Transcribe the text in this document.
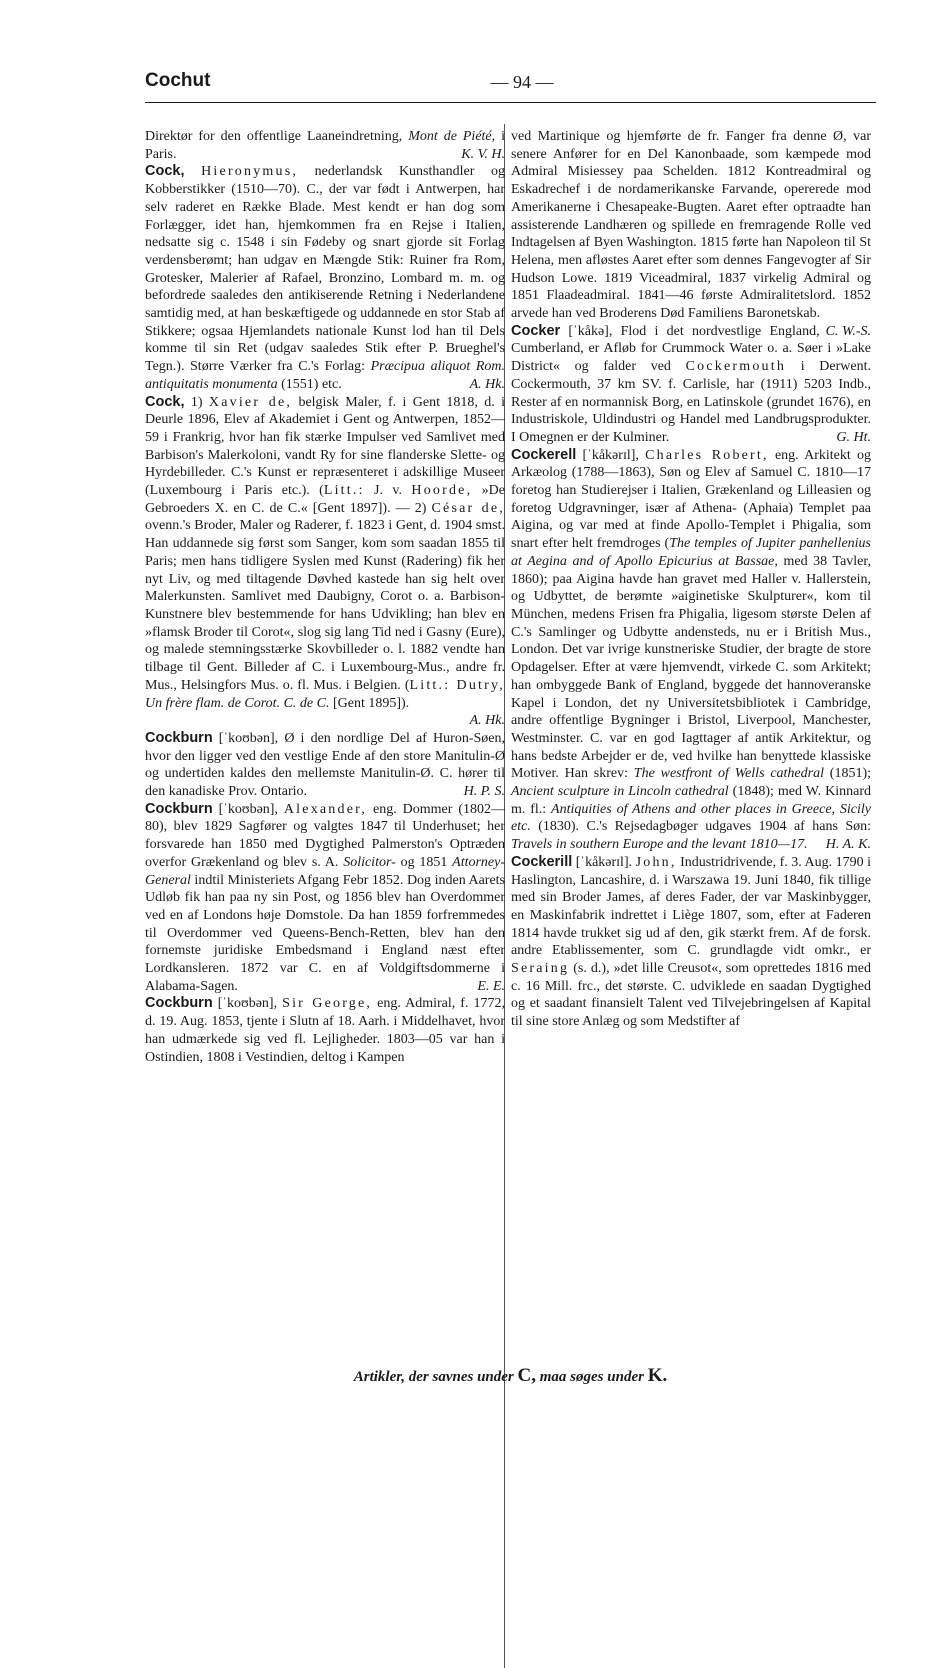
Cochut	— 94 —

Direktør for den offentlige Laaneindretning, Mont de Piété, i Paris.	K. V. H.

Cock, Hieronymus, nederlandsk Kunsthandler og Kobberstikker (1510—70). C., der var født i Antwerpen, har selv raderet en Række Blade. Mest kendt er han dog som Forlægger, idet han, hjemkommen fra en Rejse i Italien, nedsatte sig c. 1548 i sin Fødeby og snart gjorde sit Forlag verdensberømt; han udgav en Mængde Stik: Ruiner fra Rom, Grotesker, Malerier af Rafael, Bronzino, Lombard m. m. og befordrede saaledes den antikiserende Retning i Nederlandene samtidig med, at han beskæftigede og uddannede en stor Stab af Stikkere; ogsaa Hjemlandets nationale Kunst lod han til Dels komme til sin Ret (udgav saaledes Stik efter P. Brueghel's Tegn.). Større Værker fra C.'s Forlag: Præcipua aliquot Rom. antiquitatis monumenta (1551) etc.	A. Hk.

Cock, 1) Xavier de, belgisk Maler, f. i Gent 1818, d. i Deurle 1896, Elev af Akademiet i Gent og Antwerpen, 1852—59 i Frankrig, hvor han fik stærke Impulser ved Samlivet med Barbison's Malerkoloni, vandt Ry for sine flanderske Slette- og Hyrdebilleder. C.'s Kunst er repræsenteret i adskillige Museer (Luxembourg i Paris etc.). (Litt.: J. v. Hoorde, »De Gebroeders X. en C. de C.« [Gent 1897]). — 2) César de, ovenn.'s Broder, Maler og Raderer, f. 1823 i Gent, d. 1904 smst. Han uddannede sig først som Sanger, kom som saadan 1855 til Paris; men hans tidligere Syslen med Kunst (Radering) fik her nyt Liv, og med tiltagende Døvhed kastede han sig helt over Malerkunsten. Samlivet med Daubigny, Corot o. a. Barbison-Kunstnere blev bestemmende for hans Udvikling; han blev en »flamsk Broder til Corot«, slog sig lang Tid ned i Gasny (Eure), og malede stemningsstærke Skovbilleder o. l. 1882 vendte han tilbage til Gent. Billeder af C. i Luxembourg-Mus., andre fr. Mus., Helsingfors Mus. o. fl. Mus. i Belgien. (Litt.: Dutry, Un frère flam. de Corot. C. de C. [Gent 1895]).

A. Hk.

Cockburn [ˈkoʊbən], Ø i den nordlige Del af Huron-Søen, hvor den ligger ved den vestlige Ende af den store Manitulin-Ø og undertiden kaldes den mellemste Manitulin-Ø. C. hører til den kanadiske Prov. Ontario.	H. P. S.

Cockburn [ˈkoʊbən], Alexander, eng. Dommer (1802—80), blev 1829 Sagfører og valgtes 1847 til Underhuset; her forsvarede han 1850 med Dygtighed Palmerston's Optræden overfor Grækenland og blev s. A. Solicitor- og 1851 Attorney-General indtil Ministeriets Afgang Febr 1852. Dog inden Aarets Udløb fik han paa ny sin Post, og 1856 blev han Overdommer ved en af Londons høje Domstole. Da han 1859 forfremmedes til Overdommer ved Queens-Bench-Retten, blev han den fornemste juridiske Embedsmand i England næst efter Lordkansleren. 1872 var C. en af Voldgiftsdommerne i Alabama-Sagen.	E. E.

Cockburn [ˈkoʊbən], Sir George, eng. Admiral, f. 1772, d. 19. Aug. 1853, tjente i Slutn af 18. Aarh. i Middelhavet, hvor han udmærkede sig ved fl. Lejligheder. 1803—05 var han i Ostindien, 1808 i Vestindien, deltog i Kampen

ved Martinique og hjemførte de fr. Fanger fra denne Ø, var senere Anfører for en Del Kanonbaade, som kæmpede mod Admiral Misiessey paa Schelden. 1812 Kontreadmiral og Eskadrechef i de nordamerikanske Farvande, opererede mod Amerikanerne i Chesapeake-Bugten. Aaret efter optraadte han assisterende Landhæren og spillede en fremragende Rolle ved Indtagelsen af Byen Washington. 1815 førte han Napoleon til St Helena, men afløstes Aaret efter som dennes Fangevogter af Sir Hudson Lowe. 1819 Viceadmiral, 1837 virkelig Admiral og 1851 Flaadeadmiral. 1841—46 første Admiralitetslord. 1852 arvede han ved Broderens Død Familiens Baronetskab.
C. W.-S.

Cocker [ˈkåkə], Flod i det nordvestlige England, Cumberland, er Afløb for Crummock Water o. a. Søer i »Lake District« og falder ved Cockermouth i Derwent. Cockermouth, 37 km SV. f. Carlisle, har (1911) 5203 Indb., Rester af en normannisk Borg, en Latinskole (grundet 1676), en Industriskole, Uldindustri og Handel med Landbrugsprodukter. I Omegnen er der Kulminer.	G. Ht.

Cockerell [ˈkåkərɪl], Charles Robert, eng. Arkitekt og Arkæolog (1788—1863), Søn og Elev af Samuel C. 1810—17 foretog han Studierejser i Italien, Grækenland og Lilleasien og foretog Udgravninger, især af Athena- (Aphaia) Templet paa Aigina, og var med at finde Apollo-Templet i Phigalia, som snart efter helt fremdroges (The temples of Jupiter panhellenius at Aegina and of Apollo Epicurius at Bassae, med 38 Tavler, 1860); paa Aigina havde han gravet med Haller v. Hallerstein, og Udbyttet, de berømte »aiginetiske Skulpturer«, kom til München, medens Frisen fra Phigalia, ligesom største Delen af C.'s Samlinger og Udbytte andensteds, nu er i British Mus., London. Det var ivrige kunstneriske Studier, der bragte de store Opdagelser. Efter at være hjemvendt, virkede C. som Arkitekt; han ombyggede Bank of England, byggede det hannoveranske Kapel i London, det ny Universitetsbibliotek i Cambridge, andre offentlige Bygninger i Bristol, Liverpool, Manchester, Westminster. C. var en god Iagttager af antik Arkitektur, og hans bedste Arbejder er de, ved hvilke han benyttede klassiske Motiver. Han skrev: The westfront of Wells cathedral (1851); Ancient sculpture in Lincoln cathedral (1848); med W. Kinnard m. fl.: Antiquities of Athens and other places in Greece, Sicily etc. (1830). C.'s Rejsedagbøger udgaves 1904 af hans Søn: Travels in southern Europe and the levant 1810—17.	H. A. K.

Cockerill [ˈkåkərɪl]. John, Industridrivende, f. 3. Aug. 1790 i Haslington, Lancashire, d. i Warszawa 19. Juni 1840, fik tillige med sin Broder James, af deres Fader, der var Maskinbygger, en Maskinfabrik indrettet i Liège 1807, som, efter at Faderen 1814 havde trukket sig ud af den, gik stærkt frem. Af de forsk. andre Etablissementer, som C. grundlagde vidt omkr., er Seraing (s. d.), »det lille Creusot«, som oprettedes 1816 med c. 16 Mill. frc., det største. C. udviklede en saadan Dygtighed og et saadant finansielt Talent ved Tilvejebringelsen af Kapital til sine store Anlæg og som Medstifter af

Artikler, der savnes under C, maa søges under K.
